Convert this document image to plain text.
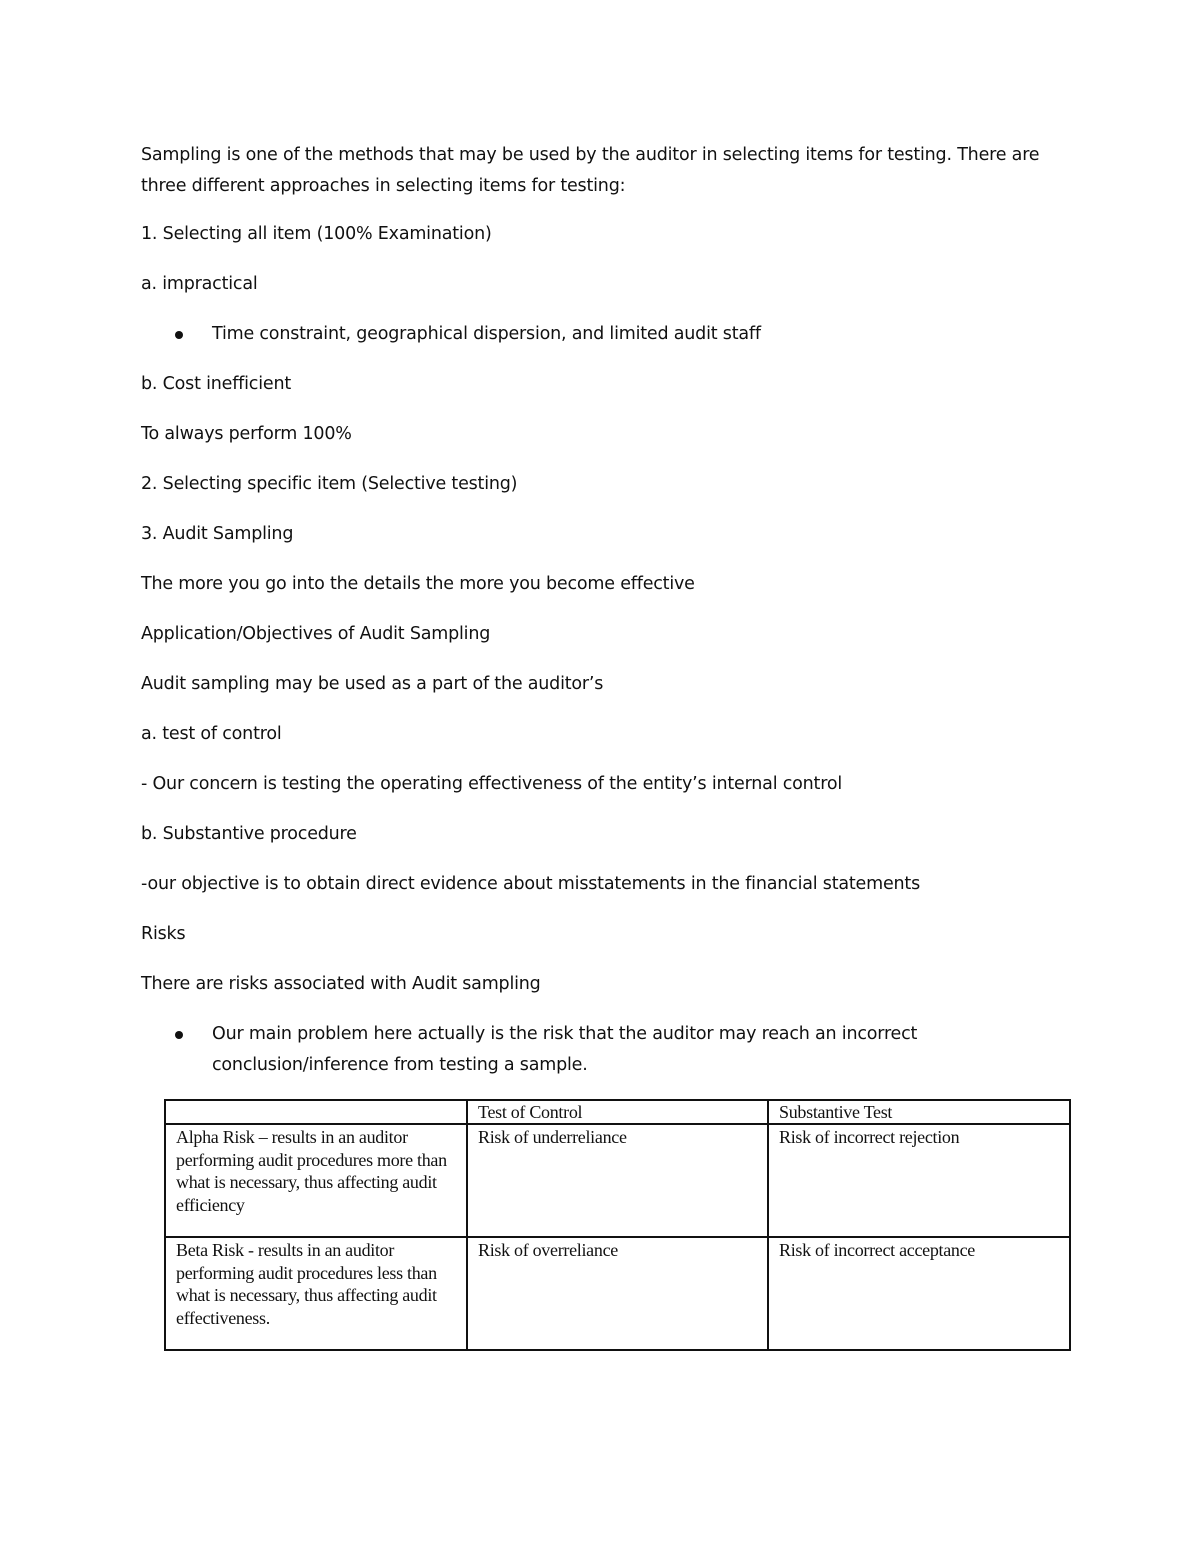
Sampling is one of the methods that may be used by the auditor in selecting items for testing. There are three different approaches in selecting items for testing:

1. Selecting all item (100% Examination)

a. impractical

Time constraint, geographical dispersion, and limited audit staff

b. Cost inefficient

To always perform 100%

2. Selecting specific item (Selective testing)

3. Audit Sampling

The more you go into the details the more you become effective

Application/Objectives of Audit Sampling

Audit sampling may be used as a part of the auditor’s

a. test of control

- Our concern is testing the operating effectiveness of the entity’s internal control

b. Substantive procedure

-our objective is to obtain direct evidence about misstatements in the financial statements

Risks

There are risks associated with Audit sampling

Our main problem here actually is the risk that the auditor may reach an incorrect conclusion/inference from testing a sample.
	Test of Control	Substantive Test
Alpha Risk – results in an auditor performing audit procedures more than what is necessary, thus affecting audit efficiency	Risk of underreliance	Risk of incorrect rejection
Beta Risk - results in an auditor performing audit procedures less than what is necessary, thus affecting audit effectiveness.	Risk of overreliance	Risk of incorrect acceptance
